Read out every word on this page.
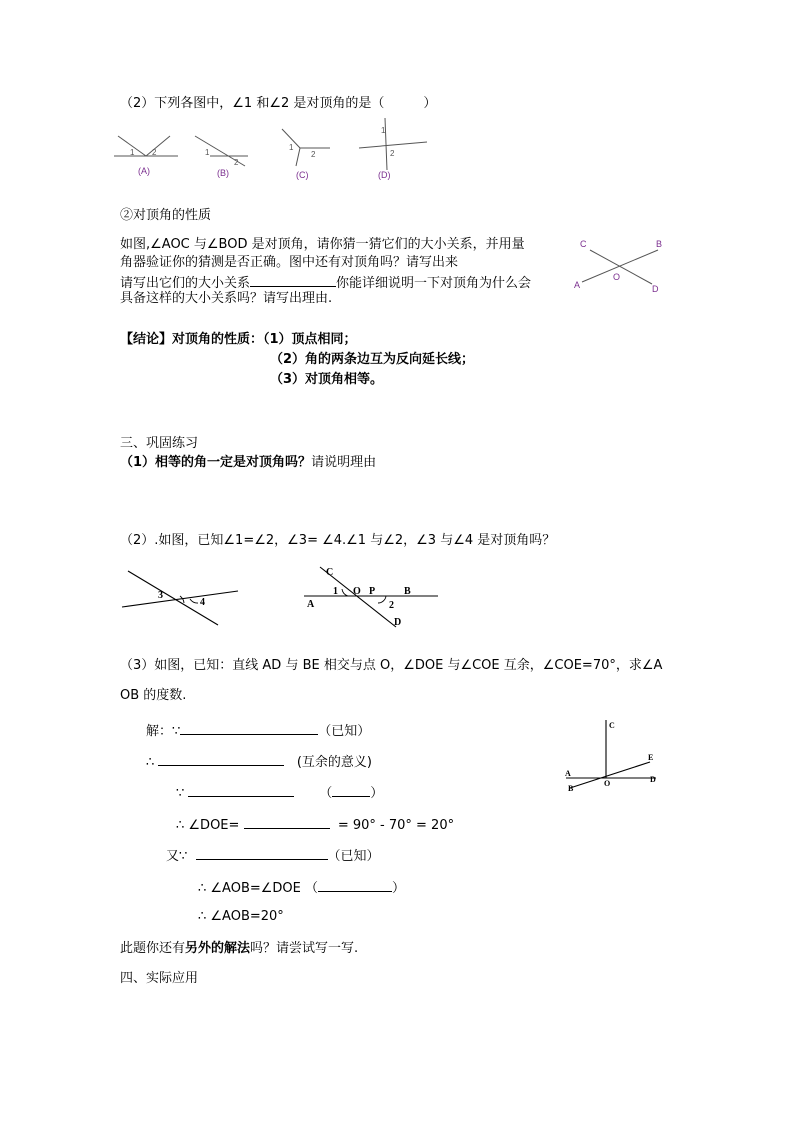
（2）下列各图中，∠1 和∠2 是对顶角的是（　　　）
1 2
(A)
1
2
(B)
1
2
(C)
1
2
(D)
②对顶角的性质
如图,∠AOC 与∠BOD 是对顶角，请你猜一猜它们的大小关系，并用量
角器验证你的猜测是否正确。图中还有对顶角吗？请写出来
请写出它们的大小关系	你能详细说明一下对顶角为什么会
具备这样的大小关系吗？请写出理由.
C	B
O
A	D
【结论】对顶角的性质：（1）顶点相同；
（2）角的两条边互为反向延长线；
（3）对顶角相等。
三、巩固练习
（1）相等的角一定是对顶角吗？请说明理由
（2）.如图，已知∠1=∠2，∠3= ∠4.∠1 与∠2，∠3 与∠4 是对顶角吗？
3
4
C
1 O P	B
A	2
D
（3）如图，已知：直线 AD 与 BE 相交与点 O，∠DOE 与∠COE 互余，∠COE=70°，求∠A
OB 的度数.
解：∵	（已知）
∴	(互余的意义)
∵	（	）
∴ ∠DOE=	= 90° - 70° = 20°
又∵	（已知）
∴ ∠AOB=∠DOE （	）
∴ ∠AOB=20°
C
E
A
O	D
B
此题你还有另外的解法吗？请尝试写一写.
四、实际应用
